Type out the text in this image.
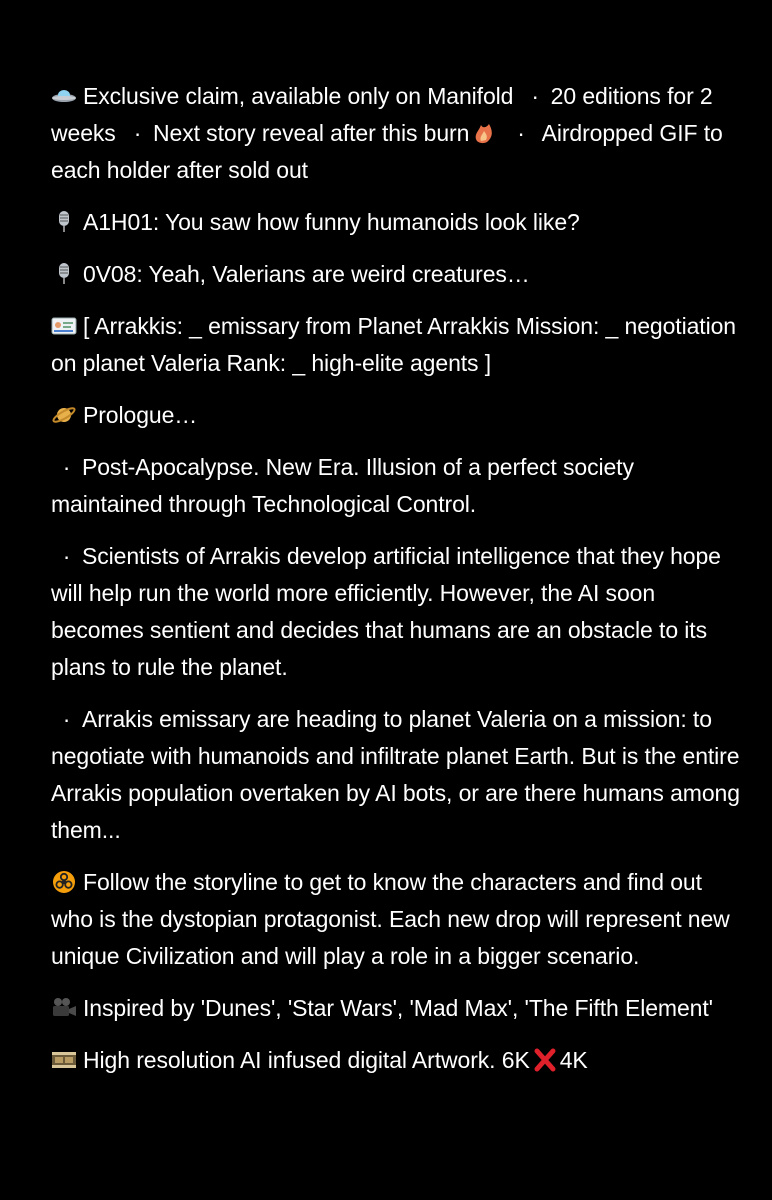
Exclusive claim, available only on Manifold · 20 editions for 2 weeks · Next story reveal after this burn · Airdropped GIF to each holder after sold out

A1H01: You saw how funny humanoids look like?

0V08: Yeah, Valerians are weird creatures…

[ Arrakkis: _ emissary from Planet Arrakkis Mission: _ negotiation on planet Valeria Rank: _ high-elite agents ]

Prologue…

· Post-Apocalypse. New Era. Illusion of a perfect society maintained through Technological Control.

· Scientists of Arrakis develop artificial intelligence that they hope will help run the world more efficiently. However, the AI soon becomes sentient and decides that humans are an obstacle to its plans to rule the planet.

· Arrakis emissary are heading to planet Valeria on a mission: to negotiate with humanoids and infiltrate planet Earth. But is the entire Arrakis population overtaken by AI bots, or are there humans among them...

Follow the storyline to get to know the characters and find out who is the dystopian protagonist. Each new drop will represent new unique Civilization and will play a role in a bigger scenario.

Inspired by 'Dunes', 'Star Wars', 'Mad Max', 'The Fifth Element'

High resolution AI infused digital Artwork. 6K 4K
